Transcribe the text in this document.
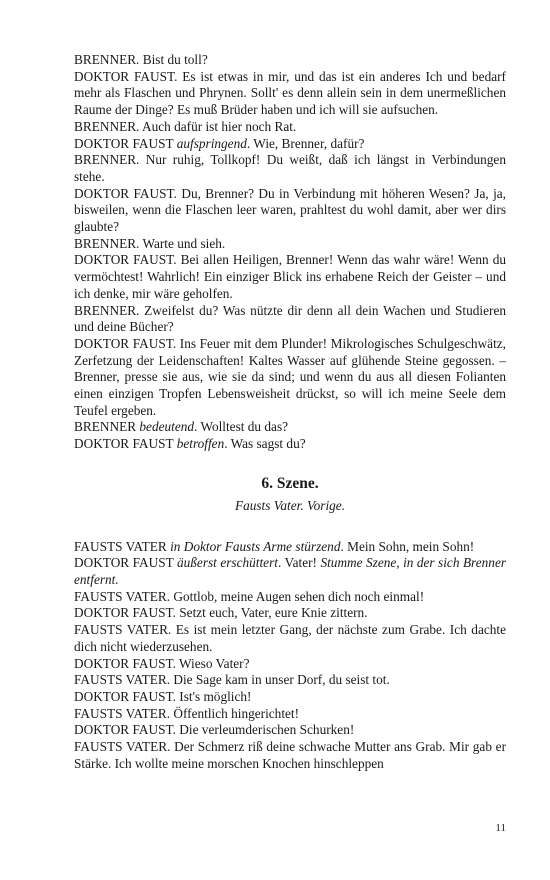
BRENNER. Bist du toll?
DOKTOR FAUST. Es ist etwas in mir, und das ist ein anderes Ich und bedarf mehr als Flaschen und Phrynen. Sollt' es denn allein sein in dem unermeßlichen Raume der Dinge? Es muß Brüder haben und ich will sie aufsuchen.
BRENNER. Auch dafür ist hier noch Rat.
DOKTOR FAUST aufspringend. Wie, Brenner, dafür?
BRENNER. Nur ruhig, Tollkopf! Du weißt, daß ich längst in Verbindungen stehe.
DOKTOR FAUST. Du, Brenner? Du in Verbindung mit höheren Wesen? Ja, ja, bisweilen, wenn die Flaschen leer waren, prahltest du wohl damit, aber wer dirs glaubte?
BRENNER. Warte und sieh.
DOKTOR FAUST. Bei allen Heiligen, Brenner! Wenn das wahr wäre! Wenn du vermöchtest! Wahrlich! Ein einziger Blick ins erhabene Reich der Geister – und ich denke, mir wäre geholfen.
BRENNER. Zweifelst du? Was nützte dir denn all dein Wachen und Studieren und deine Bücher?
DOKTOR FAUST. Ins Feuer mit dem Plunder! Mikrologisches Schulgeschwätz, Zerfetzung der Leidenschaften! Kaltes Wasser auf glühende Steine gegossen. – Brenner, presse sie aus, wie sie da sind; und wenn du aus all diesen Folianten einen einzigen Tropfen Lebensweisheit drückst, so will ich meine Seele dem Teufel ergeben.
BRENNER bedeutend. Wolltest du das?
DOKTOR FAUST betroffen. Was sagst du?
6. Szene.
Fausts Vater. Vorige.
FAUSTS VATER in Doktor Fausts Arme stürzend. Mein Sohn, mein Sohn!
DOKTOR FAUST äußerst erschüttert. Vater! Stumme Szene, in der sich Brenner entfernt.
FAUSTS VATER. Gottlob, meine Augen sehen dich noch einmal!
DOKTOR FAUST. Setzt euch, Vater, eure Knie zittern.
FAUSTS VATER. Es ist mein letzter Gang, der nächste zum Grabe. Ich dachte dich nicht wiederzusehen.
DOKTOR FAUST. Wieso Vater?
FAUSTS VATER. Die Sage kam in unser Dorf, du seist tot.
DOKTOR FAUST. Ist's möglich!
FAUSTS VATER. Öffentlich hingerichtet!
DOKTOR FAUST. Die verleumderischen Schurken!
FAUSTS VATER. Der Schmerz riß deine schwache Mutter ans Grab. Mir gab er Stärke. Ich wollte meine morschen Knochen hinschleppen
11
